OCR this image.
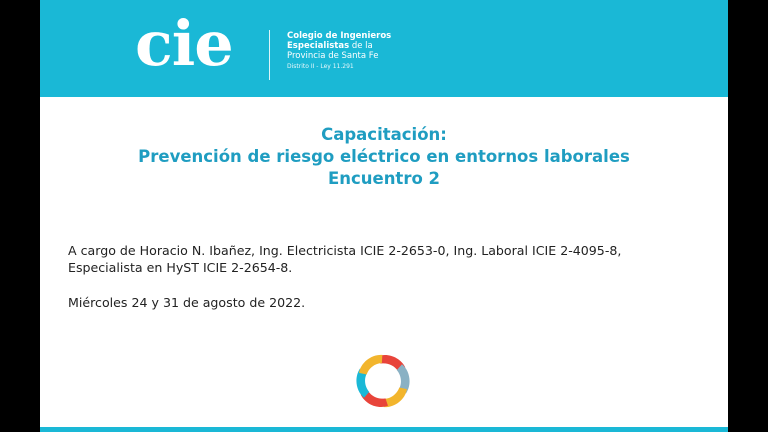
cie	Colegio de Ingenieros
Especialistas de la
Provincia de Santa Fe
Distrito II - Ley 11.291
Capacitación:
Prevención de riesgo eléctrico en entornos laborales
Encuentro 2
A cargo de Horacio N. Ibañez, Ing. Electricista ICIE 2-2653-0, Ing. Laboral ICIE 2-4095-8,
Especialista en HyST ICIE 2-2654-8.
Miércoles 24 y 31 de agosto de 2022.
